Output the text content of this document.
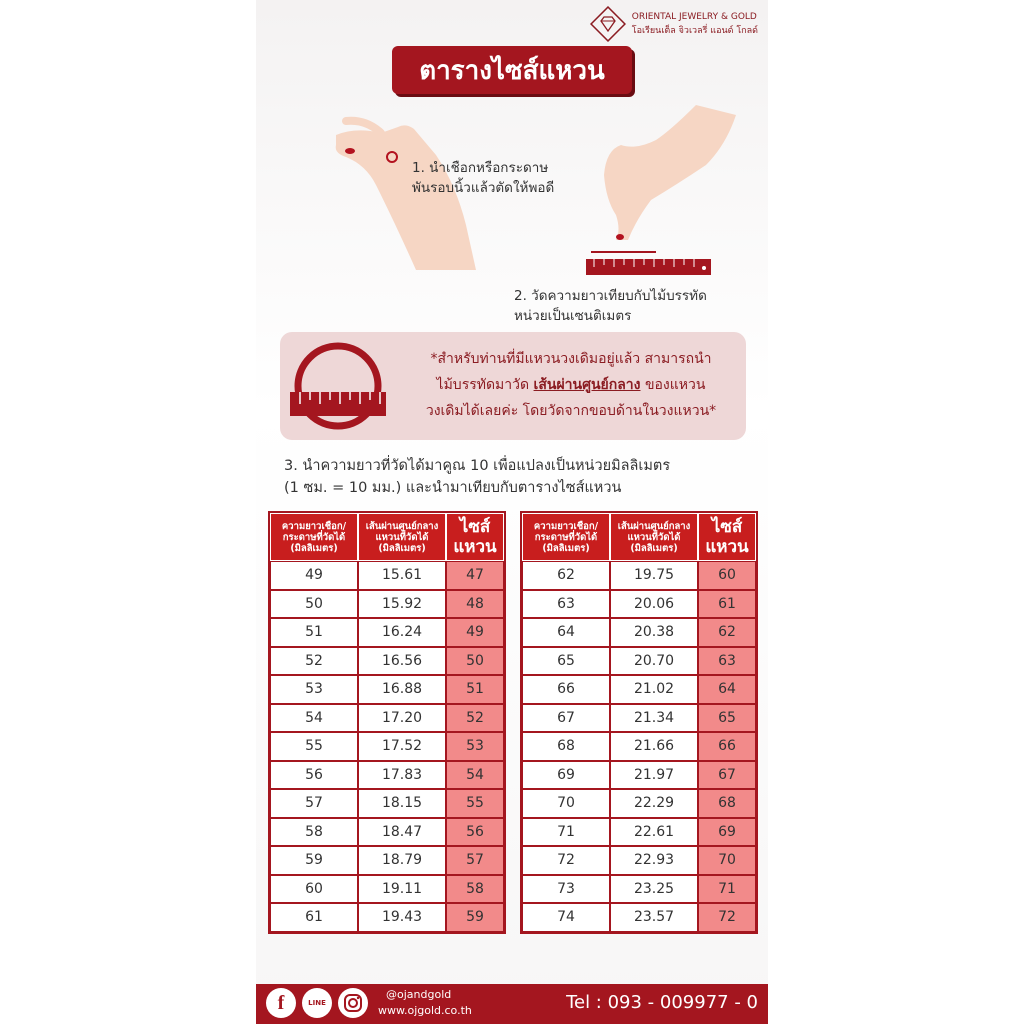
ORIENTAL JEWELRY & GOLD
โอเรียนเต็ล จิวเวลรี่ แอนด์ โกลด์
ตารางไซส์แหวน
1. นำเชือกหรือกระดาษ
พันรอบนิ้วแล้วตัดให้พอดี
2. วัดความยาวเทียบกับไม้บรรทัด
หน่วยเป็นเซนติเมตร
*สำหรับท่านที่มีแหวนวงเดิมอยู่แล้ว สามารถนำ
ไม้บรรทัดมาวัด เส้นผ่านศูนย์กลาง ของแหวน
วงเดิมได้เลยค่ะ โดยวัดจากขอบด้านในวงแหวน*
3. นำความยาวที่วัดได้มาคูณ 10 เพื่อแปลงเป็นหน่วยมิลลิเมตร
(1 ซม. = 10 มม.) และนำมาเทียบกับตารางไซส์แหวน
ความยาวเชือก/ กระดาษที่วัดได้ (มิลลิเมตร)	เส้นผ่านศูนย์กลาง แหวนที่วัดได้ (มิลลิเมตร)	ไซส์ แหวน
49	15.61	47
50	15.92	48
51	16.24	49
52	16.56	50
53	16.88	51
54	17.20	52
55	17.52	53
56	17.83	54
57	18.15	55
58	18.47	56
59	18.79	57
60	19.11	58
61	19.43	59
ความยาวเชือก/ กระดาษที่วัดได้ (มิลลิเมตร)	เส้นผ่านศูนย์กลาง แหวนที่วัดได้ (มิลลิเมตร)	ไซส์ แหวน
62	19.75	60
63	20.06	61
64	20.38	62
65	20.70	63
66	21.02	64
67	21.34	65
68	21.66	66
69	21.97	67
70	22.29	68
71	22.61	69
72	22.93	70
73	23.25	71
74	23.57	72
f	LINE
@ojandgold
www.ojgold.co.th	Tel : 093 - 009977 - 0
